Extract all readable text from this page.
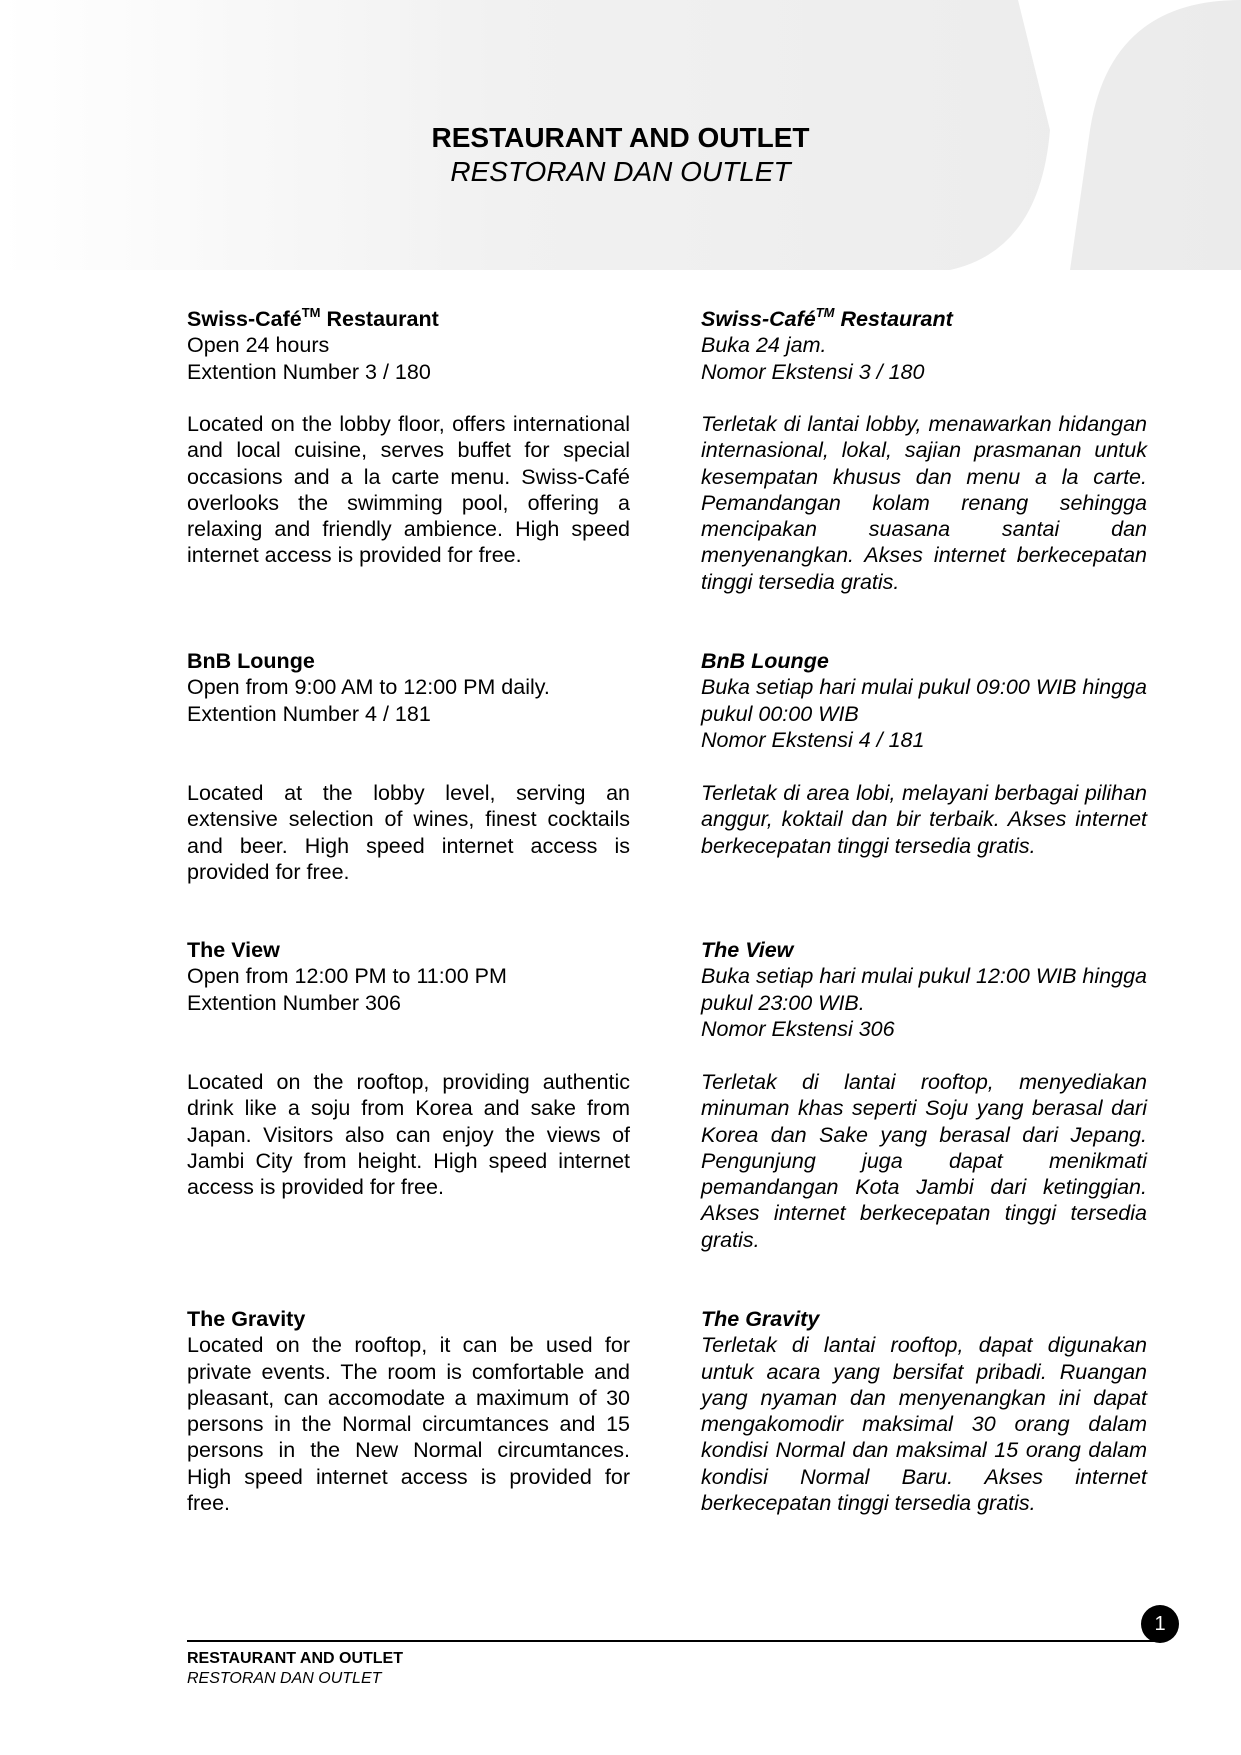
RESTAURANT AND OUTLET
RESTORAN DAN OUTLET
Swiss-Café™ Restaurant
Open 24 hours
Extention Number 3 / 180
Located on the lobby floor, offers international and local cuisine, serves buffet for special occasions and a la carte menu. Swiss-Café overlooks the swimming pool, offering a relaxing and friendly ambience. High speed internet access is provided for free.
Swiss-Café™ Restaurant
Buka 24 jam.
Nomor Ekstensi 3 / 180
Terletak di lantai lobby, menawarkan hidangan internasional, lokal, sajian prasmanan untuk kesempatan khusus dan menu a la carte. Pemandangan kolam renang sehingga mencipakan suasana santai dan menyenangkan. Akses internet berkecepatan tinggi tersedia gratis.
BnB Lounge
Open from 9:00 AM to 12:00 PM daily.
Extention Number 4 / 181
Located at the lobby level, serving an extensive selection of wines, finest cocktails and beer. High speed internet access is provided for free.
BnB Lounge
Buka setiap hari mulai pukul 09:00 WIB hingga pukul 00:00 WIB
Nomor Ekstensi 4 / 181
Terletak di area lobi, melayani berbagai pilihan anggur, koktail dan bir terbaik. Akses internet berkecepatan tinggi tersedia gratis.
The View
Open from 12:00 PM to 11:00 PM
Extention Number 306
Located on the rooftop, providing authentic drink like a soju from Korea and sake from Japan. Visitors also can enjoy the views of Jambi City from height. High speed internet access is provided for free.
The View
Buka setiap hari mulai pukul 12:00 WIB hingga pukul 23:00 WIB.
Nomor Ekstensi 306
Terletak di lantai rooftop, menyediakan minuman khas seperti Soju yang berasal dari Korea dan Sake yang berasal dari Jepang. Pengunjung juga dapat menikmati pemandangan Kota Jambi dari ketinggian. Akses internet berkecepatan tinggi tersedia gratis.
The Gravity
Located on the rooftop, it can be used for private events. The room is comfortable and pleasant, can accomodate a maximum of 30 persons in the Normal circumtances and 15 persons in the New Normal circumtances. High speed internet access is provided for free.
The Gravity
Terletak di lantai rooftop, dapat digunakan untuk acara yang bersifat pribadi. Ruangan yang nyaman dan menyenangkan ini dapat mengakomodir maksimal 30 orang dalam kondisi Normal dan maksimal 15 orang dalam kondisi Normal Baru. Akses internet berkecepatan tinggi tersedia gratis.
1
RESTAURANT AND OUTLET
RESTORAN DAN OUTLET
